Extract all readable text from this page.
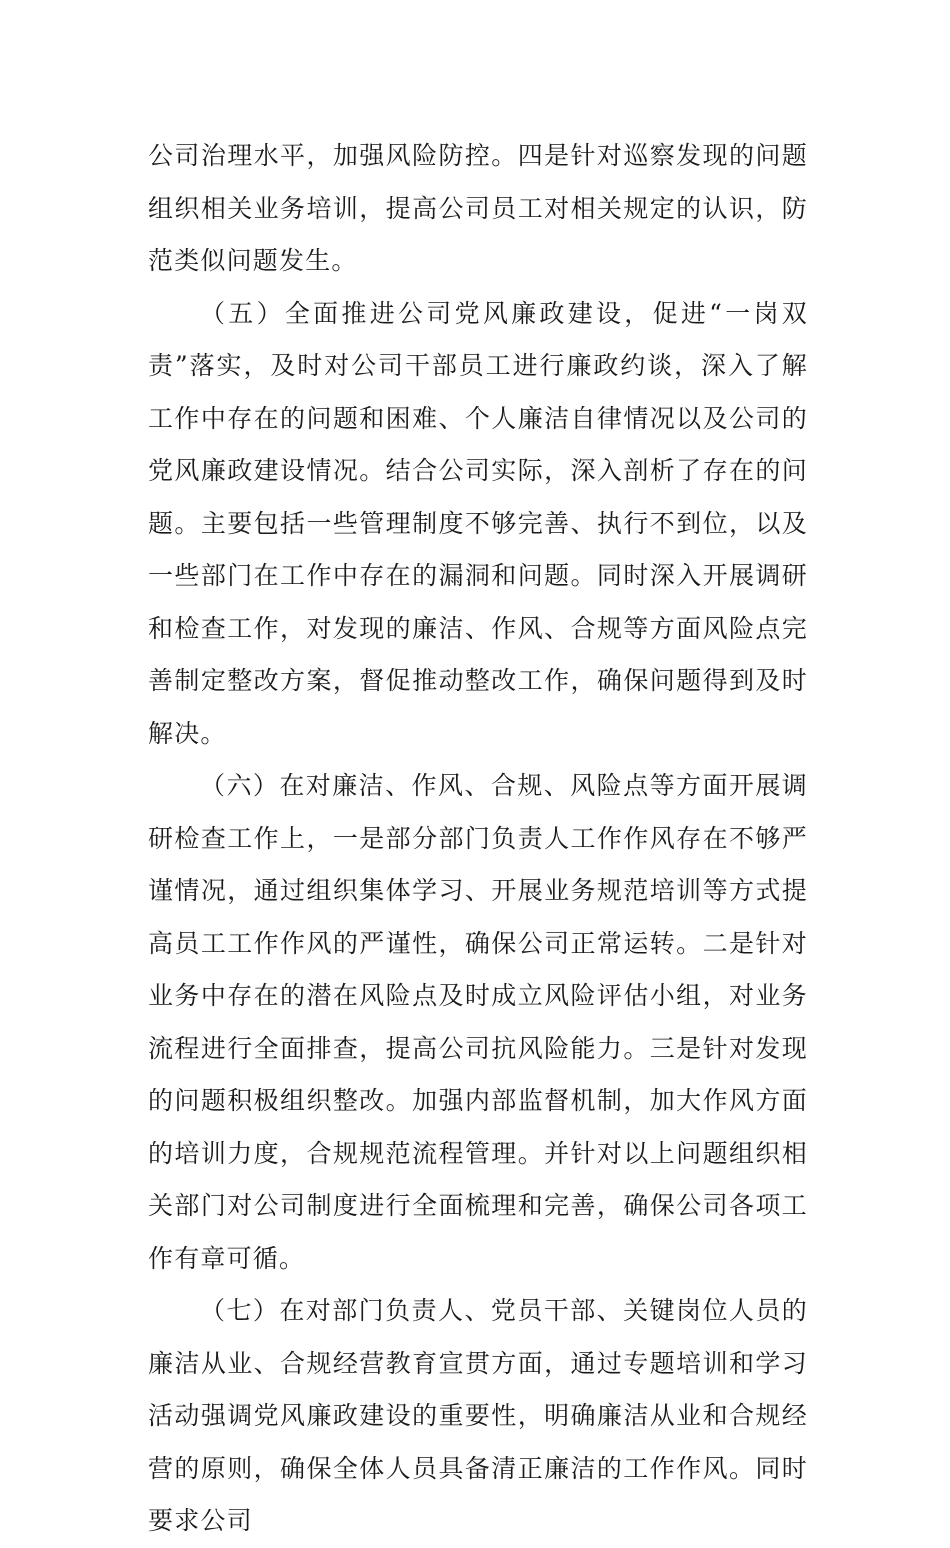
公司治理水平，加强风险防控。四是针对巡察发现的问题组织相关业务培训，提高公司员工对相关规定的认识，防范类似问题发生。

（五）全面推进公司党风廉政建设，促进“一岗双责”落实，及时对公司干部员工进行廉政约谈，深入了解工作中存在的问题和困难、个人廉洁自律情况以及公司的党风廉政建设情况。结合公司实际，深入剖析了存在的问题。主要包括一些管理制度不够完善、执行不到位，以及一些部门在工作中存在的漏洞和问题。同时深入开展调研和检查工作，对发现的廉洁、作风、合规等方面风险点完善制定整改方案，督促推动整改工作，确保问题得到及时解决。

（六）在对廉洁、作风、合规、风险点等方面开展调研检查工作上，一是部分部门负责人工作作风存在不够严谨情况，通过组织集体学习、开展业务规范培训等方式提高员工工作作风的严谨性，确保公司正常运转。二是针对业务中存在的潜在风险点及时成立风险评估小组，对业务流程进行全面排查，提高公司抗风险能力。三是针对发现的问题积极组织整改。加强内部监督机制，加大作风方面的培训力度，合规规范流程管理。并针对以上问题组织相关部门对公司制度进行全面梳理和完善，确保公司各项工作有章可循。

（七）在对部门负责人、党员干部、关键岗位人员的廉洁从业、合规经营教育宣贯方面，通过专题培训和学习活动强调党风廉政建设的重要性，明确廉洁从业和合规经营的原则，确保全体人员具备清正廉洁的工作作风。同时要求公司
